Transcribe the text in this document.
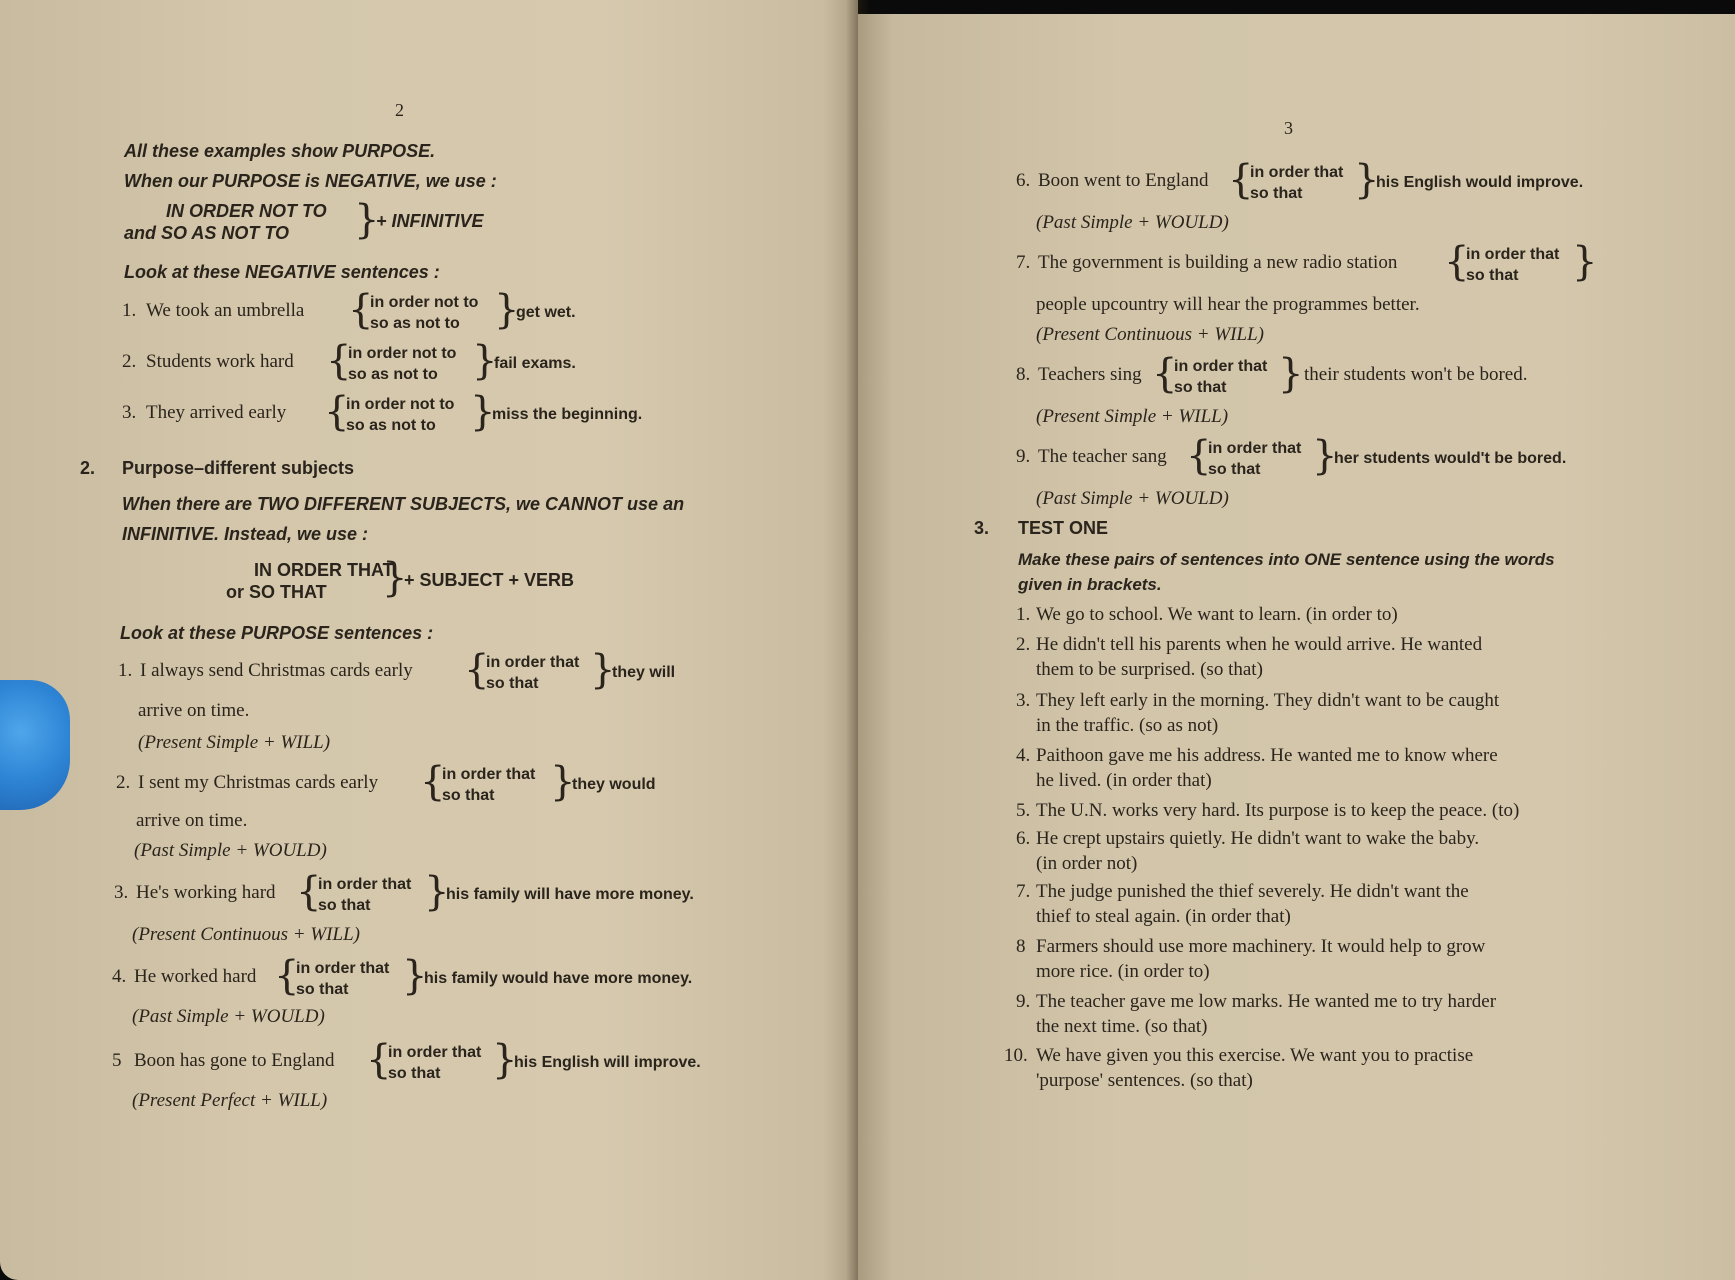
2
All these examples show PURPOSE.
When our PURPOSE is NEGATIVE, we use :
IN ORDER NOT TO
and SO AS NOT TO }
+ INFINITIVE
Look at these NEGATIVE sentences :
1. We took an umbrella {
in order not to
so as not to }
get wet.
2. Students work hard {
in order not to
so as not to }
fail exams.
3. They arrived early {
in order not to
so as not to }
miss the beginning.
2. Purpose–different subjects
When there are TWO DIFFERENT SUBJECTS, we CANNOT use an
INFINITIVE. Instead, we use :
IN ORDER THAT
or SO THAT }
+ SUBJECT + VERB
Look at these PURPOSE sentences :
1. I always send Christmas cards early {
in order that
so that }
they will
arrive on time.
(Present Simple + WILL)
2. I sent my Christmas cards early {
in order that
so that }
they would
arrive on time.
(Past Simple + WOULD)
3. He's working hard {
in order that
so that }
his family will have more money.
(Present Continuous + WILL)
4. He worked hard {
in order that
so that }
his family would have more money.
(Past Simple + WOULD)
5 Boon has gone to England {
in order that
so that }
his English will improve.
(Present Perfect + WILL)
3
6. Boon went to England {
in order that
so that }
his English would improve.
(Past Simple + WOULD)
7. The government is building a new radio station {
in order that
so that }
people upcountry will hear the programmes better.
(Present Continuous + WILL)
8. Teachers sing {
in order that
so that } their students won't be bored.
(Present Simple + WILL)
9. The teacher sang {
in order that
so that }
her students would't be bored.
(Past Simple + WOULD)
3. TEST ONE
Make these pairs of sentences into ONE sentence using the words
given in brackets.
1. We go to school. We want to learn. (in order to)
2. He didn't tell his parents when he would arrive. He wanted
them to be surprised. (so that)
3. They left early in the morning. They didn't want to be caught
in the traffic. (so as not)
4. Paithoon gave me his address. He wanted me to know where
he lived. (in order that)
5. The U.N. works very hard. Its purpose is to keep the peace. (to)
6. He crept upstairs quietly. He didn't want to wake the baby.
(in order not)
7. The judge punished the thief severely. He didn't want the
thief to steal again. (in order that)
8 Farmers should use more machinery. It would help to grow
more rice. (in order to)
9. The teacher gave me low marks. He wanted me to try harder
the next time. (so that)
10. We have given you this exercise. We want you to practise
'purpose' sentences. (so that)
